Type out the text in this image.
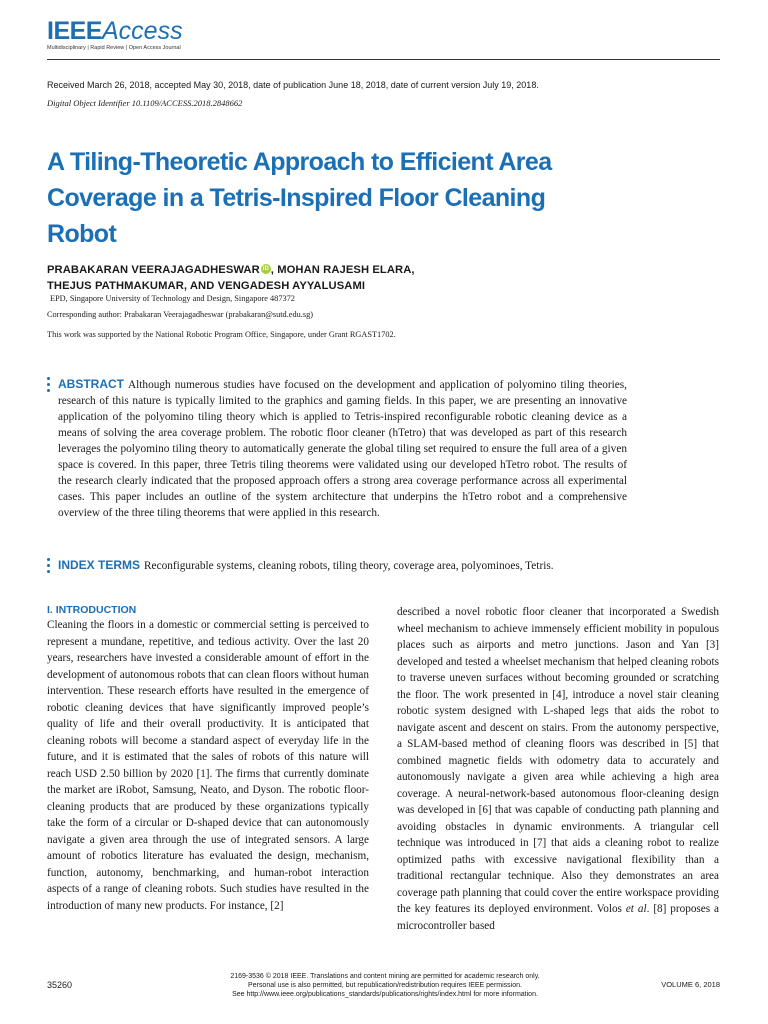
IEEEAccess
Multidisciplinary | Rapid Review | Open Access Journal
Received March 26, 2018, accepted May 30, 2018, date of publication June 18, 2018, date of current version July 19, 2018.
Digital Object Identifier 10.1109/ACCESS.2018.2848662
A Tiling-Theoretic Approach to Efficient Area Coverage in a Tetris-Inspired Floor Cleaning Robot
PRABAKARAN VEERAJAGADHESWAR iD , MOHAN RAJESH ELARA,
THEJUS PATHMAKUMAR, AND VENGADESH AYYALUSAMI
EPD, Singapore University of Technology and Design, Singapore 487372
Corresponding author: Prabakaran Veerajagadheswar (prabakaran@sutd.edu.sg)
This work was supported by the National Robotic Program Office, Singapore, under Grant RGAST1702.
ABSTRACT Although numerous studies have focused on the development and application of polyomino tiling theories, research of this nature is typically limited to the graphics and gaming fields. In this paper, we are presenting an innovative application of the polyomino tiling theory which is applied to Tetris-inspired reconfigurable robotic cleaning device as a means of solving the area coverage problem. The robotic floor cleaner (hTetro) that was developed as part of this research leverages the polyomino tiling theory to automatically generate the global tiling set required to ensure the full area of a given space is covered. In this paper, three Tetris tiling theorems were validated using our developed hTetro robot. The results of the research clearly indicated that the proposed approach offers a strong area coverage performance across all experimental cases. This paper includes an outline of the system architecture that underpins the hTetro robot and a comprehensive overview of the three tiling theorems that were applied in this research.
INDEX TERMS Reconfigurable systems, cleaning robots, tiling theory, coverage area, polyominoes, Tetris.
I. INTRODUCTION
Cleaning the floors in a domestic or commercial setting is perceived to represent a mundane, repetitive, and tedious activity. Over the last 20 years, researchers have invested a considerable amount of effort in the development of autonomous robots that can clean floors without human intervention. These research efforts have resulted in the emergence of robotic cleaning devices that have significantly improved people’s quality of life and their overall productivity. It is anticipated that cleaning robots will become a standard aspect of everyday life in the future, and it is estimated that the sales of robots of this nature will reach USD 2.50 billion by 2020 [1]. The firms that currently dominate the market are iRobot, Samsung, Neato, and Dyson. The robotic floor-cleaning products that are produced by these organizations typically take the form of a circular or D-shaped device that can autonomously navigate a given area through the use of integrated sensors. A large amount of robotics literature has evaluated the design, mechanism, function, autonomy, benchmarking, and human-robot interaction aspects of a range of cleaning robots. Such studies have resulted in the introduction of many new products. For instance, [2]
described a novel robotic floor cleaner that incorporated a Swedish wheel mechanism to achieve immensely efficient mobility in populous places such as airports and metro junctions. Jason and Yan [3] developed and tested a wheelset mechanism that helped cleaning robots to traverse uneven surfaces without becoming grounded or scratching the floor. The work presented in [4], introduce a novel stair cleaning robotic system designed with L-shaped legs that aids the robot to navigate ascent and descent on stairs. From the autonomy perspective, a SLAM-based method of cleaning floors was described in [5] that combined magnetic fields with odometry data to accurately and autonomously navigate a given area while achieving a high area coverage. A neural-network-based autonomous floor-cleaning design was developed in [6] that was capable of conducting path planning and avoiding obstacles in dynamic environments. A triangular cell technique was introduced in [7] that aids a cleaning robot to realize optimized paths with excessive navigational flexibility than a traditional rectangular technique. Also they demonstrates an area coverage path planning that could cover the entire workspace providing the key features its deployed environment. Volos et al. [8] proposes a microcontroller based
35260
2169-3536 © 2018 IEEE. Translations and content mining are permitted for academic research only.
Personal use is also permitted, but republication/redistribution requires IEEE permission.
See http://www.ieee.org/publications_standards/publications/rights/index.html for more information.
VOLUME 6, 2018
